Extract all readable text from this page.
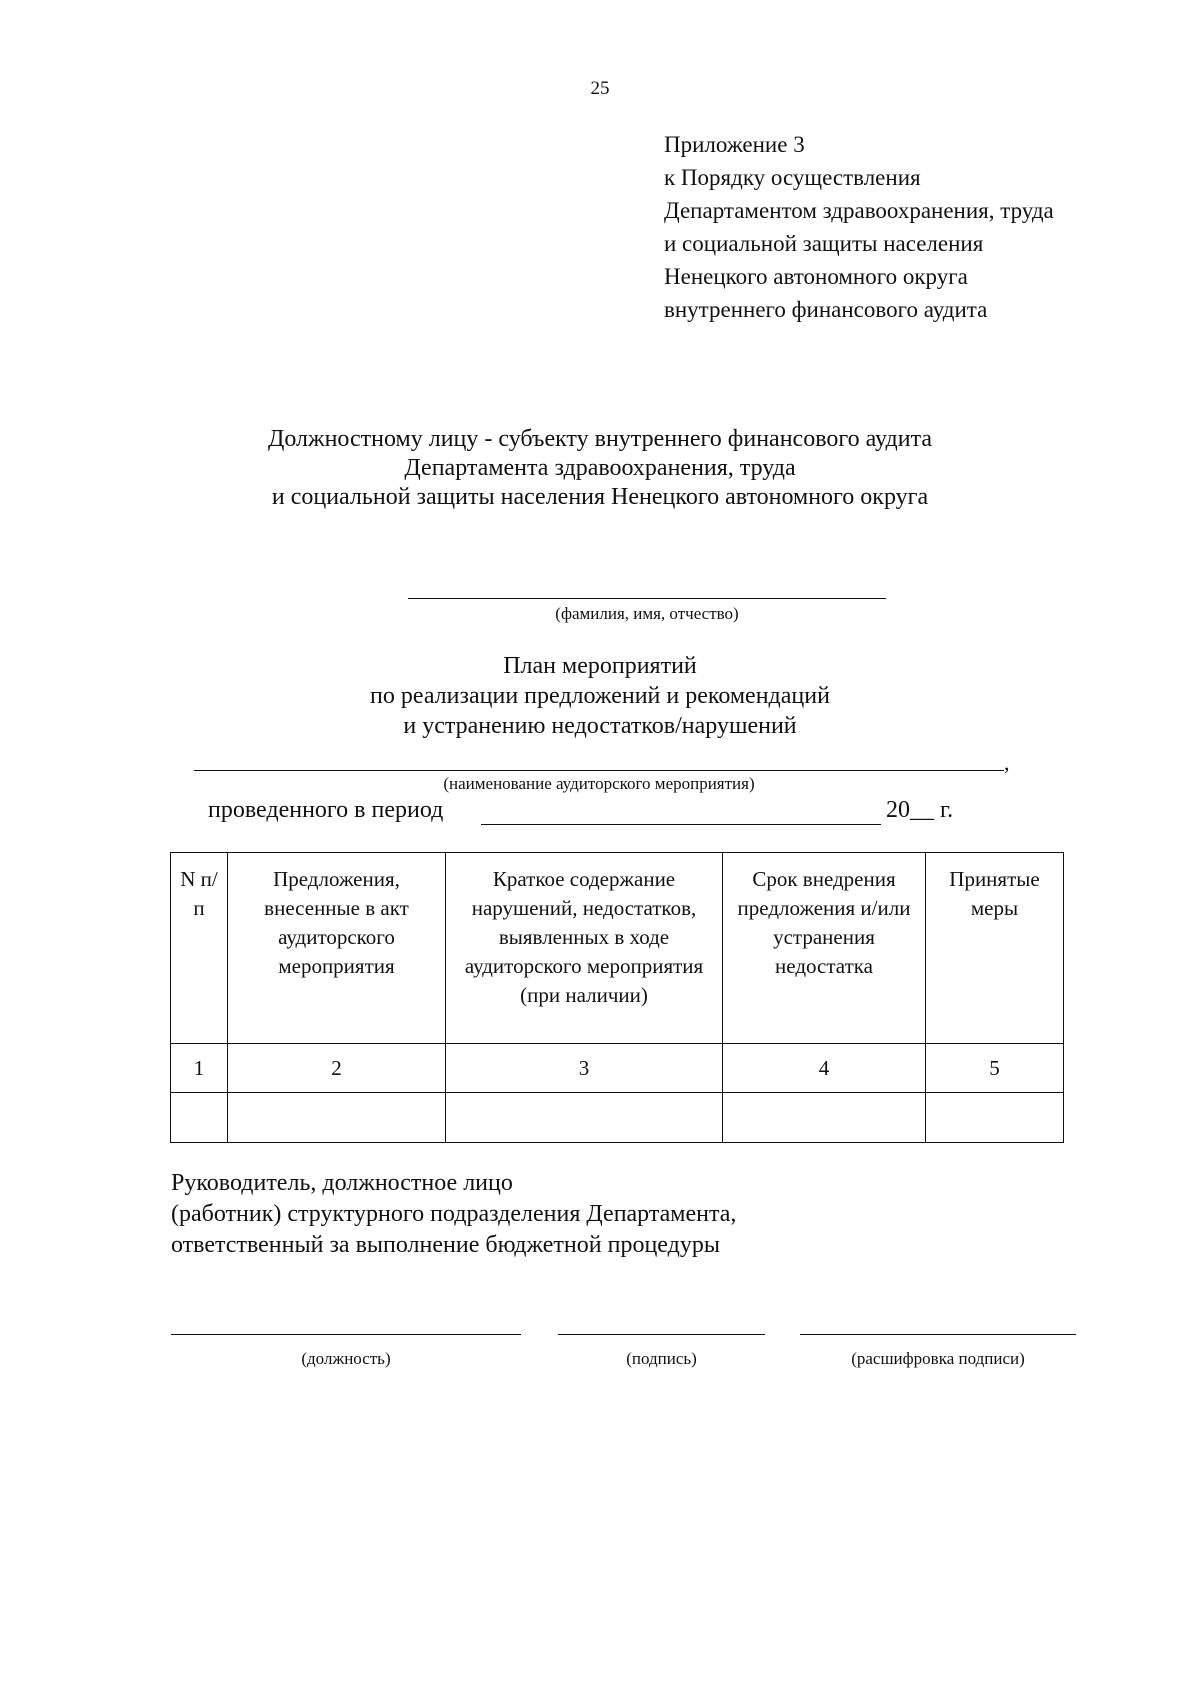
25
Приложение 3
к Порядку осуществления
Департаментом здравоохранения, труда
и социальной защиты населения
Ненецкого автономного округа
внутреннего финансового аудита
Должностному лицу - субъекту внутреннего финансового аудита
Департамента здравоохранения, труда
и социальной защиты населения Ненецкого автономного округа
(фамилия, имя, отчество)
План мероприятий
по реализации предложений и рекомендаций
и устранению недостатков/нарушений
,
(наименование аудиторского мероприятия)
проведенного в период	20__ г.
N п/п	Предложения, внесенные в акт аудиторского мероприятия	Краткое содержание нарушений, недостатков, выявленных в ходе аудиторского мероприятия (при наличии)	Срок внедрения предложения и/или устранения недостатка	Принятые меры
1	2	3	4	5

Руководитель, должностное лицо
(работник) структурного подразделения Департамента,
ответственный за выполнение бюджетной процедуры
(должность)	(подпись)	(расшифровка подписи)
